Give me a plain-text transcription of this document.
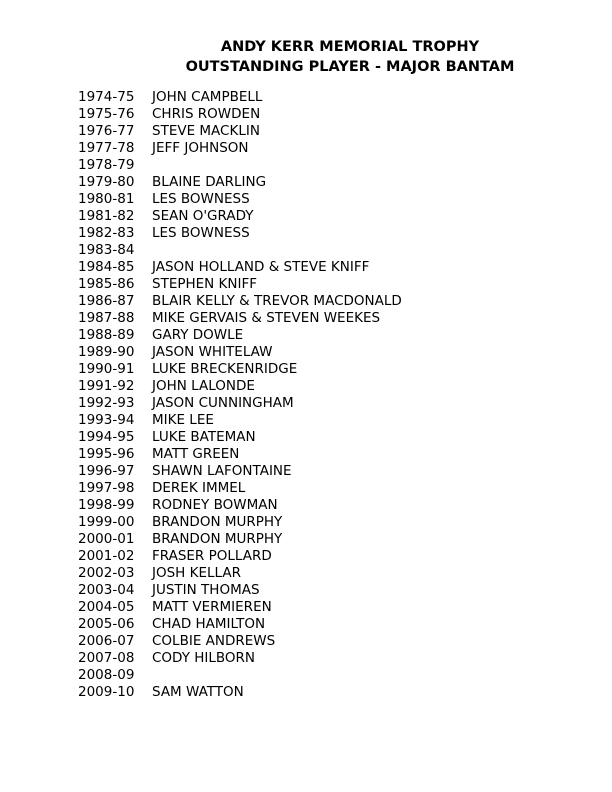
ANDY KERR MEMORIAL TROPHY
OUTSTANDING PLAYER - MAJOR BANTAM
1974-75 JOHN CAMPBELL
1975-76 CHRIS ROWDEN
1976-77 STEVE MACKLIN
1977-78 JEFF JOHNSON
1978-79
1979-80 BLAINE DARLING
1980-81 LES BOWNESS
1981-82 SEAN O'GRADY
1982-83 LES BOWNESS
1983-84
1984-85 JASON HOLLAND & STEVE KNIFF
1985-86 STEPHEN KNIFF
1986-87 BLAIR KELLY & TREVOR MACDONALD
1987-88 MIKE GERVAIS & STEVEN WEEKES
1988-89 GARY DOWLE
1989-90 JASON WHITELAW
1990-91 LUKE BRECKENRIDGE
1991-92 JOHN LALONDE
1992-93 JASON CUNNINGHAM
1993-94 MIKE LEE
1994-95 LUKE BATEMAN
1995-96 MATT GREEN
1996-97 SHAWN LAFONTAINE
1997-98 DEREK IMMEL
1998-99 RODNEY BOWMAN
1999-00 BRANDON MURPHY
2000-01 BRANDON MURPHY
2001-02 FRASER POLLARD
2002-03 JOSH KELLAR
2003-04 JUSTIN THOMAS
2004-05 MATT VERMIEREN
2005-06 CHAD HAMILTON
2006-07 COLBIE ANDREWS
2007-08 CODY HILBORN
2008-09
2009-10 SAM WATTON
